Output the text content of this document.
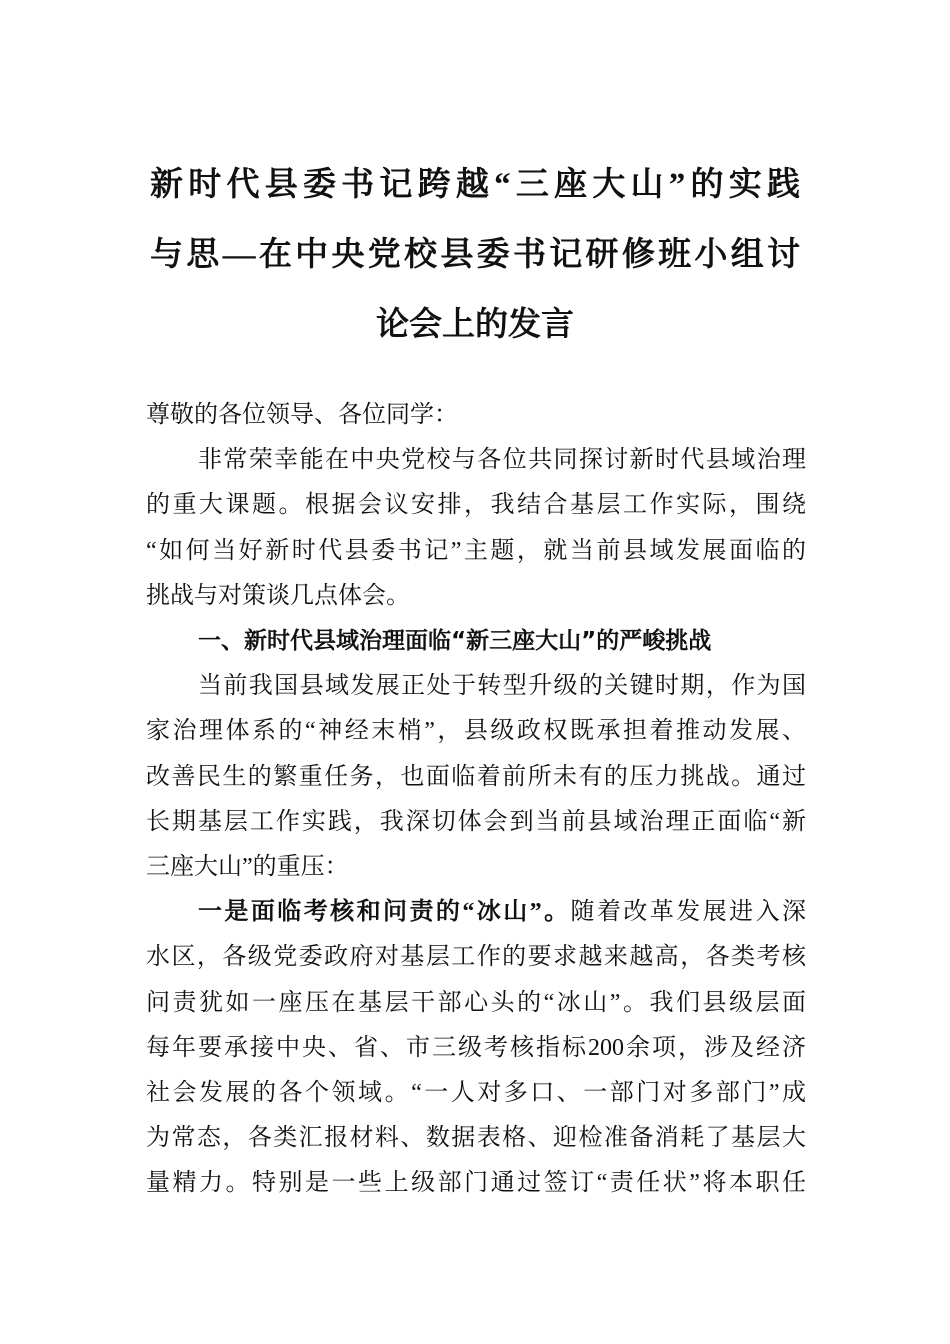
新时代县委书记跨越“三座大山”的实践
与思—在中央党校县委书记研修班小组讨
论会上的发言
尊敬的各位领导、各位同学：
非常荣幸能在中央党校与各位共同探讨新时代县域治理
的重大课题。根据会议安排，我结合基层工作实际，围绕
“如何当好新时代县委书记”主题，就当前县域发展面临的
挑战与对策谈几点体会。
一、新时代县域治理面临“新三座大山”的严峻挑战
当前我国县域发展正处于转型升级的关键时期，作为国
家治理体系的“神经末梢”，县级政权既承担着推动发展、
改善民生的繁重任务，也面临着前所未有的压力挑战。通过
长期基层工作实践，我深切体会到当前县域治理正面临“新
三座大山”的重压：
一是面临考核和问责的“冰山”。随着改革发展进入深
水区，各级党委政府对基层工作的要求越来越高，各类考核
问责犹如一座压在基层干部心头的“冰山”。我们县级层面
每年要承接中央、省、市三级考核指标200余项，涉及经济
社会发展的各个领域。“一人对多口、一部门对多部门”成
为常态，各类汇报材料、数据表格、迎检准备消耗了基层大
量精力。特别是一些上级部门通过签订“责任状”将本职任
